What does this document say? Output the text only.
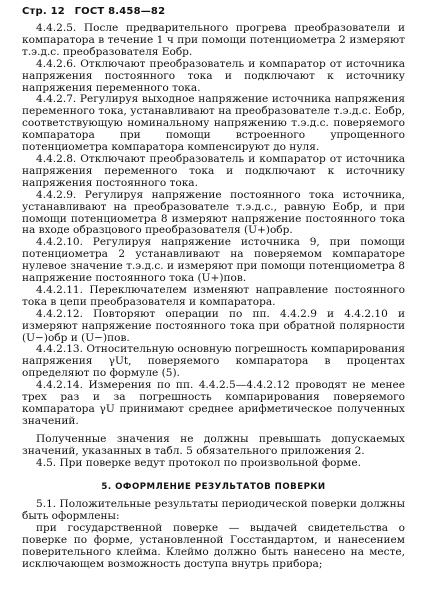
Стр. 12 ГОСТ 8.458—82

4.4.2.5. После предварительного прогрева преобразователи и компаратора в течение 1 ч при помощи потенциометра 2 измеряют т.э.д.с. преобразователя Eобр.

4.4.2.6. Отключают преобразователь и компаратор от источника напряжения постоянного тока и подключают к источнику напряжения переменного тока.

4.4.2.7. Регулируя выходное напряжение источника напряжения переменного тока, устанавливают на преобразователе т.э.д.с. Eобр, соответствующую номинальному напряжению т.э.д.с. поверяемого компаратора при помощи встроенного упрощенного потенциометра компаратора компенсируют до нуля.

4.4.2.8. Отключают преобразователь и компаратор от источника напряжения переменного тока и подключают к источнику напряжения постоянного тока.

4.4.2.9. Регулируя напряжение постоянного тока источника, устанавливают на преобразователе т.э.д.с., равную Eобр, и при помощи потенциометра 8 измеряют напряжение постоянного тока на входе образцового преобразователя (U+)обр.

4.4.2.10. Регулируя напряжение источника 9, при помощи потенциометра 2 устанавливают на поверяемом компараторе нулевое значение т.э.д.с. и измеряют при помощи потенциометра 8 напряжение постоянного тока (U+)пов.

4.4.2.11. Переключателем изменяют направление постоянного тока в цепи преобразователя и компаратора.

4.4.2.12. Повторяют операции по пп. 4.4.2.9 и 4.4.2.10 и измеряют напряжение постоянного тока при обратной полярности (U−)обр и (U−)пов.

4.4.2.13. Относительную основную погрешность компарирования напряжения γUt, поверяемого компаратора в процентах определяют по формуле (5).

4.4.2.14. Измерения по пп. 4.4.2.5—4.4.2.12 проводят не менее трех раз и за погрешность компарирования поверяемого компаратора γU принимают среднее арифметическое полученных значений.

Полученные значения не должны превышать допускаемых значений, указанных в табл. 5 обязательного приложения 2.

4.5. При поверке ведут протокол по произвольной форме.

5. ОФОРМЛЕНИЕ РЕЗУЛЬТАТОВ ПОВЕРКИ

5.1. Положительные результаты периодической поверки должны быть оформлены:

при государственной поверке — выдачей свидетельства о поверке по форме, установленной Госстандартом, и нанесением поверительного клейма. Клеймо должно быть нанесено на месте, исключающем возможность доступа внутрь прибора;
